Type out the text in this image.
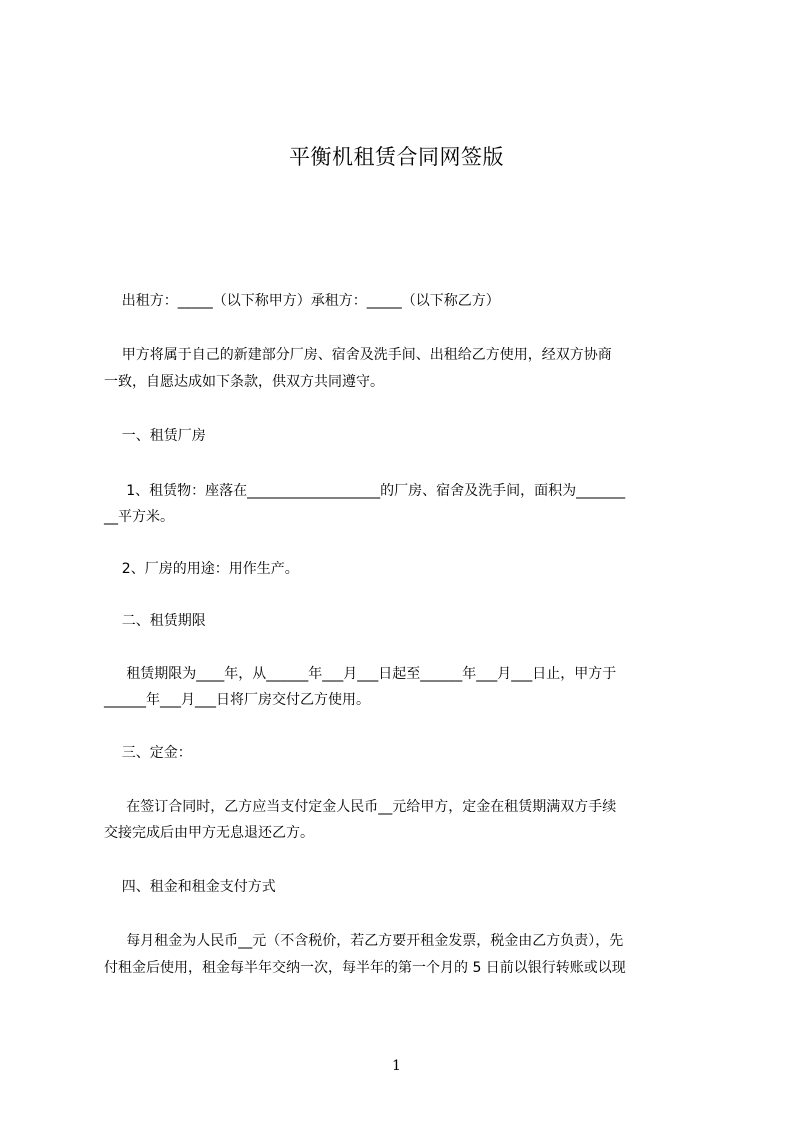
平衡机租赁合同网签版
出租方：_____（以下称甲方）承租方：_____（以下称乙方）
甲方将属于自己的新建部分厂房、宿舍及洗手间、出租给乙方使用，经双方协商
一致，自愿达成如下条款，供双方共同遵守。
一、租赁厂房
1、租赁物：座落在___________________的厂房、宿舍及洗手间，面积为_______
__平方米。
2、厂房的用途：用作生产。
二、租赁期限
租赁期限为____年，从______年___月___日起至______年___月___日止，甲方于
______年___月___日将厂房交付乙方使用。
三、定金：
在签订合同时，乙方应当支付定金人民币__元给甲方，定金在租赁期满双方手续
交接完成后由甲方无息退还乙方。
四、租金和租金支付方式
每月租金为人民币__元（不含税价，若乙方要开租金发票，税金由乙方负责），先
付租金后使用，租金每半年交纳一次，每半年的第一个月的 5 日前以银行转账或以现
1
